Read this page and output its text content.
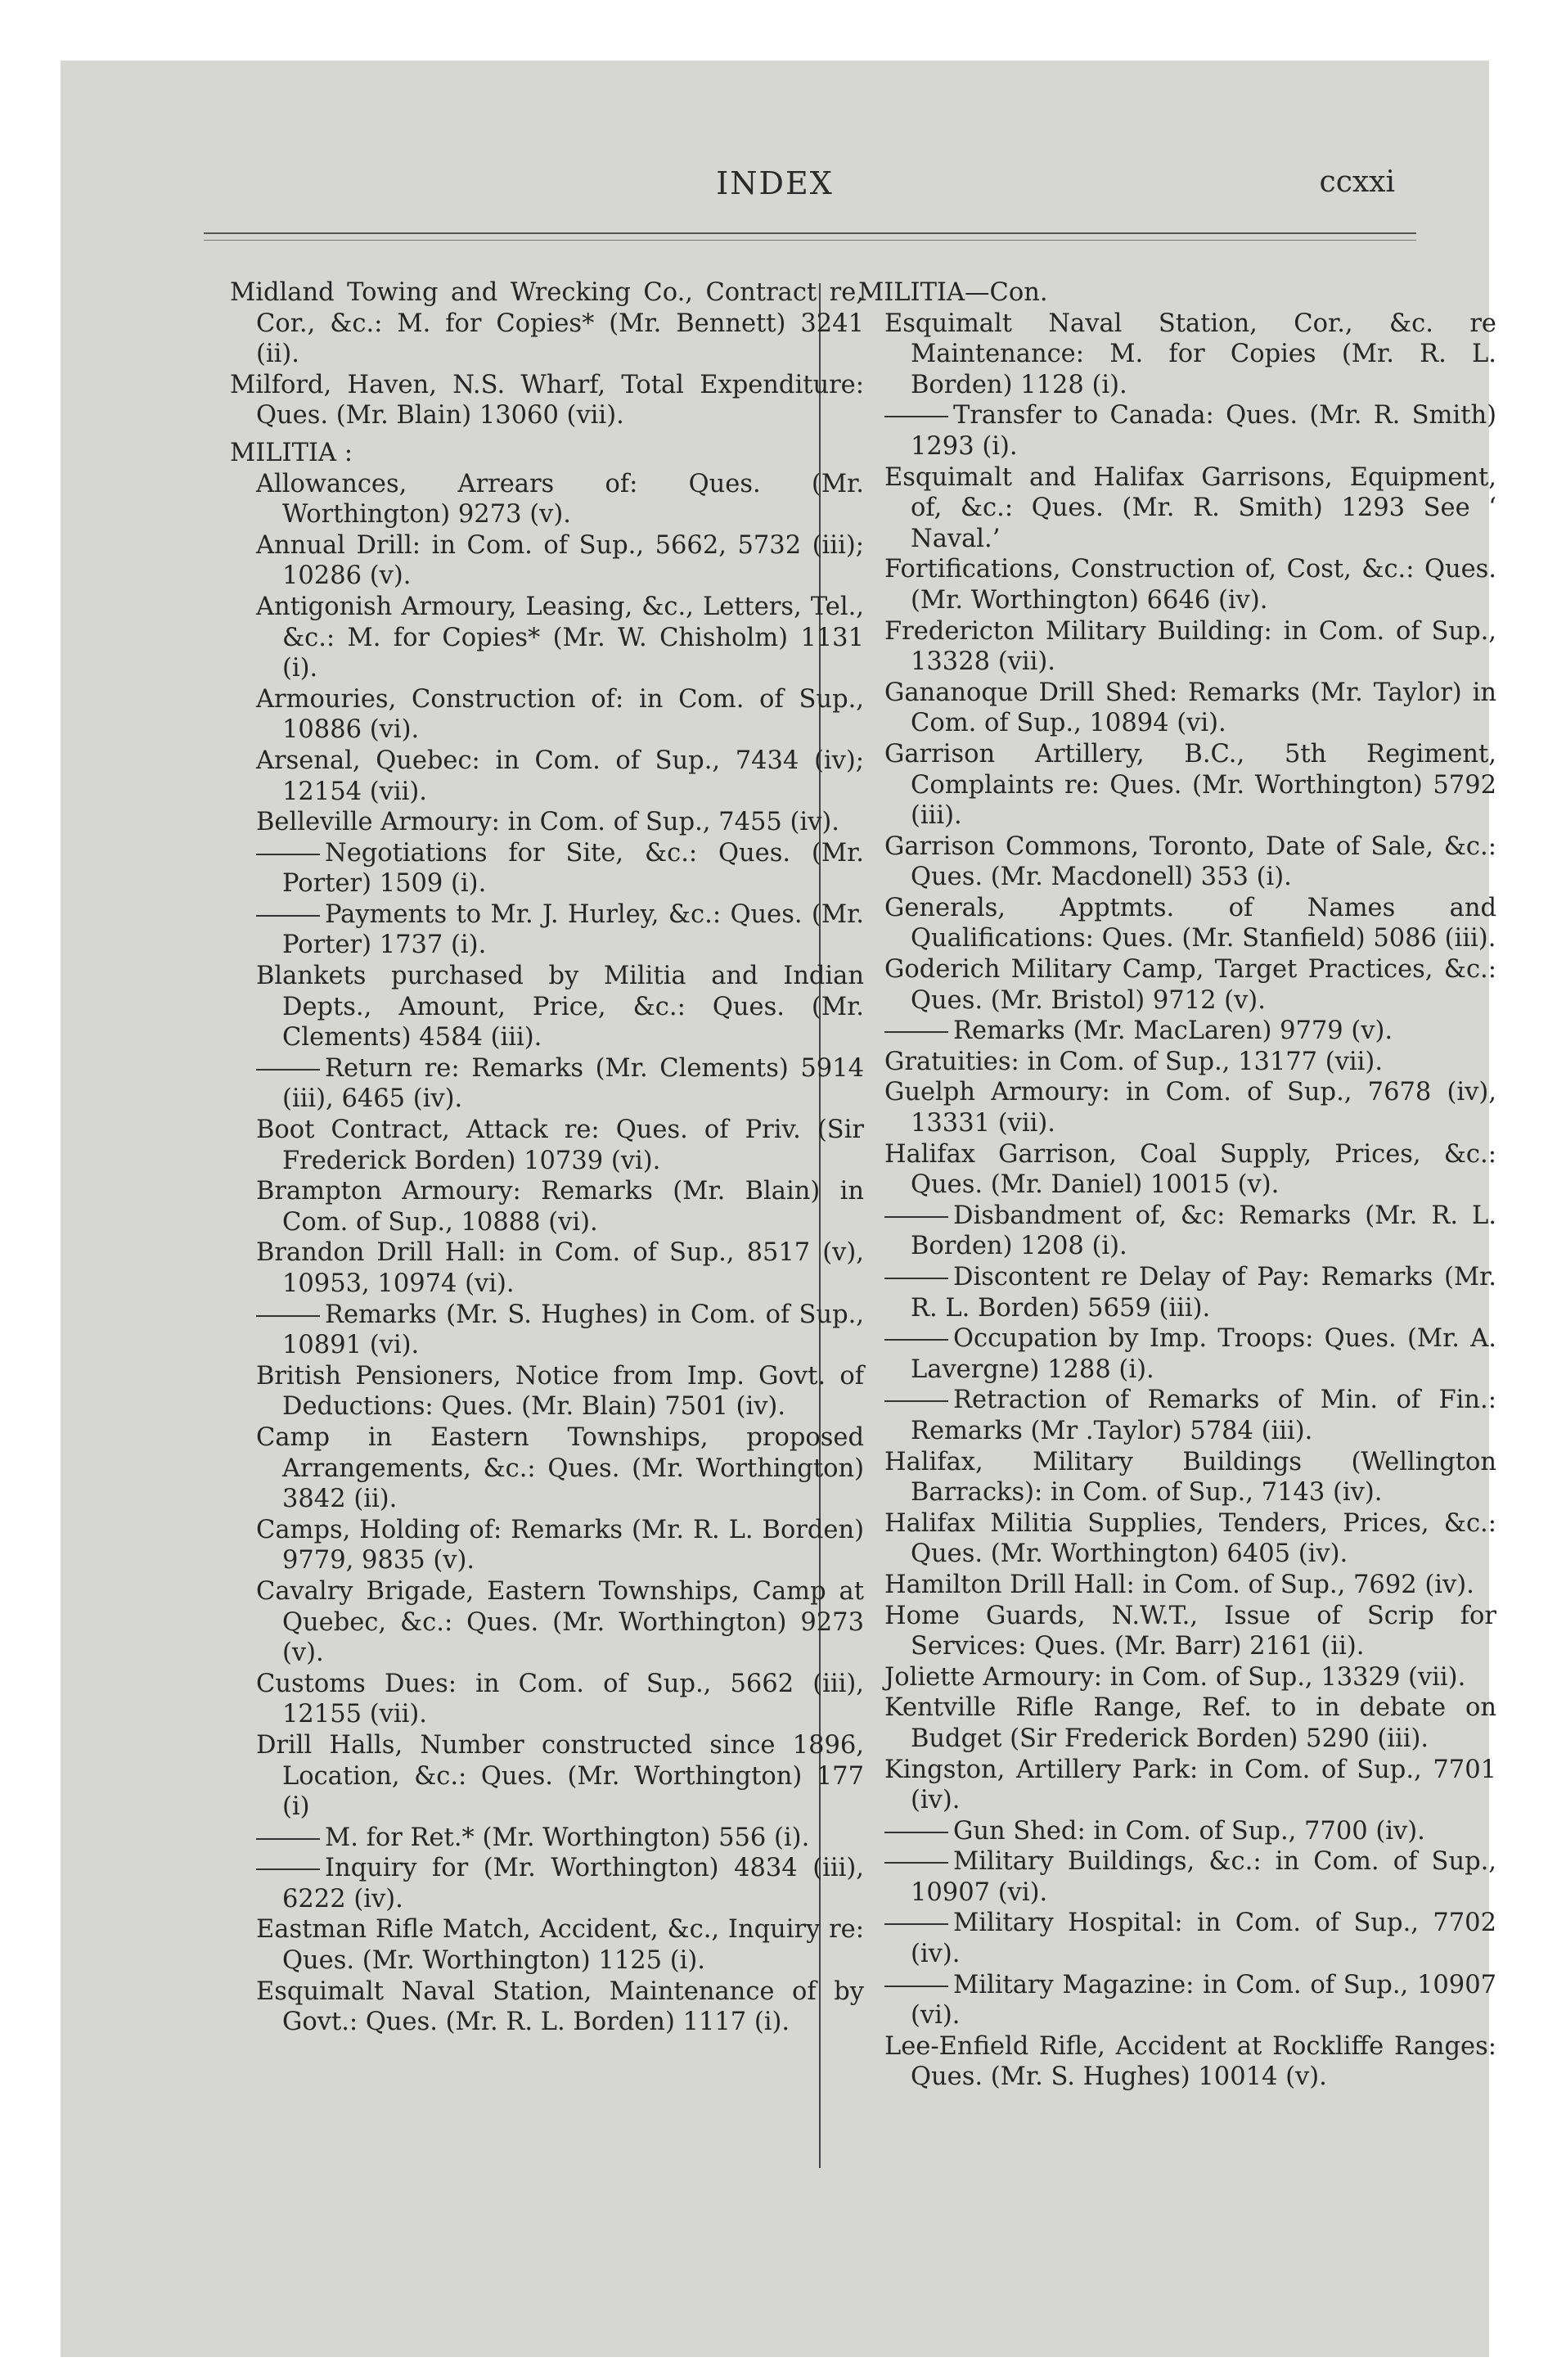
INDEX	ccxxi

Midland Towing and Wrecking Co., Contract re, Cor., &c.: M. for Copies* (Mr. Bennett) 3241 (ii).

Milford, Haven, N.S. Wharf, Total Expenditure: Ques. (Mr. Blain) 13060 (vii).

MILITIA :

Allowances, Arrears of: Ques. (Mr. Worthington) 9273 (v).

Annual Drill: in Com. of Sup., 5662, 5732 (iii); 10286 (v).

Antigonish Armoury, Leasing, &c., Letters, Tel., &c.: M. for Copies* (Mr. W. Chisholm) 1131 (i).

Armouries, Construction of: in Com. of Sup., 10886 (vi).

Arsenal, Quebec: in Com. of Sup., 7434 (iv); 12154 (vii).

Belleville Armoury: in Com. of Sup., 7455 (iv).

Negotiations for Site, &c.: Ques. (Mr. Porter) 1509 (i).

Payments to Mr. J. Hurley, &c.: Ques. (Mr. Porter) 1737 (i).

Blankets purchased by Militia and Indian Depts., Amount, Price, &c.: Ques. (Mr. Clements) 4584 (iii).

Return re: Remarks (Mr. Clements) 5914 (iii), 6465 (iv).

Boot Contract, Attack re: Ques. of Priv. (Sir Frederick Borden) 10739 (vi).

Brampton Armoury: Remarks (Mr. Blain) in Com. of Sup., 10888 (vi).

Brandon Drill Hall: in Com. of Sup., 8517 (v), 10953, 10974 (vi).

Remarks (Mr. S. Hughes) in Com. of Sup., 10891 (vi).

British Pensioners, Notice from Imp. Govt. of Deductions: Ques. (Mr. Blain) 7501 (iv).

Camp in Eastern Townships, proposed Arrangements, &c.: Ques. (Mr. Worthington) 3842 (ii).

Camps, Holding of: Remarks (Mr. R. L. Borden) 9779, 9835 (v).

Cavalry Brigade, Eastern Townships, Camp at Quebec, &c.: Ques. (Mr. Worthington) 9273 (v).

Customs Dues: in Com. of Sup., 5662 (iii), 12155 (vii).

Drill Halls, Number constructed since 1896, Location, &c.: Ques. (Mr. Worthington) 177 (i)

M. for Ret.* (Mr. Worthington) 556 (i).

Inquiry for (Mr. Worthington) 4834 (iii), 6222 (iv).

Eastman Rifle Match, Accident, &c., Inquiry re: Ques. (Mr. Worthington) 1125 (i).

Esquimalt Naval Station, Maintenance of by Govt.: Ques. (Mr. R. L. Borden) 1117 (i).

MILITIA—Con.

Esquimalt Naval Station, Cor., &c. re Maintenance: M. for Copies (Mr. R. L. Borden) 1128 (i).

Transfer to Canada: Ques. (Mr. R. Smith) 1293 (i).

Esquimalt and Halifax Garrisons, Equipment, of, &c.: Ques. (Mr. R. Smith) 1293 See ‘ Naval.’

Fortifications, Construction of, Cost, &c.: Ques. (Mr. Worthington) 6646 (iv).

Fredericton Military Building: in Com. of Sup., 13328 (vii).

Gananoque Drill Shed: Remarks (Mr. Taylor) in Com. of Sup., 10894 (vi).

Garrison Artillery, B.C., 5th Regiment, Complaints re: Ques. (Mr. Worthington) 5792 (iii).

Garrison Commons, Toronto, Date of Sale, &c.: Ques. (Mr. Macdonell) 353 (i).

Generals, Apptmts. of Names and Qualifications: Ques. (Mr. Stanfield) 5086 (iii).

Goderich Military Camp, Target Practices, &c.: Ques. (Mr. Bristol) 9712 (v).

Remarks (Mr. MacLaren) 9779 (v).

Gratuities: in Com. of Sup., 13177 (vii).

Guelph Armoury: in Com. of Sup., 7678 (iv), 13331 (vii).

Halifax Garrison, Coal Supply, Prices, &c.: Ques. (Mr. Daniel) 10015 (v).

Disbandment of, &c: Remarks (Mr. R. L. Borden) 1208 (i).

Discontent re Delay of Pay: Remarks (Mr. R. L. Borden) 5659 (iii).

Occupation by Imp. Troops: Ques. (Mr. A. Lavergne) 1288 (i).

Retraction of Remarks of Min. of Fin.: Remarks (Mr .Taylor) 5784 (iii).

Halifax, Military Buildings (Wellington Barracks): in Com. of Sup., 7143 (iv).

Halifax Militia Supplies, Tenders, Prices, &c.: Ques. (Mr. Worthington) 6405 (iv).

Hamilton Drill Hall: in Com. of Sup., 7692 (iv).

Home Guards, N.W.T., Issue of Scrip for Services: Ques. (Mr. Barr) 2161 (ii).

Joliette Armoury: in Com. of Sup., 13329 (vii).

Kentville Rifle Range, Ref. to in debate on Budget (Sir Frederick Borden) 5290 (iii).

Kingston, Artillery Park: in Com. of Sup., 7701 (iv).

Gun Shed: in Com. of Sup., 7700 (iv).

Military Buildings, &c.: in Com. of Sup., 10907 (vi).

Military Hospital: in Com. of Sup., 7702 (iv).

Military Magazine: in Com. of Sup., 10907 (vi).

Lee-Enfield Rifle, Accident at Rockliffe Ranges: Ques. (Mr. S. Hughes) 10014 (v).
